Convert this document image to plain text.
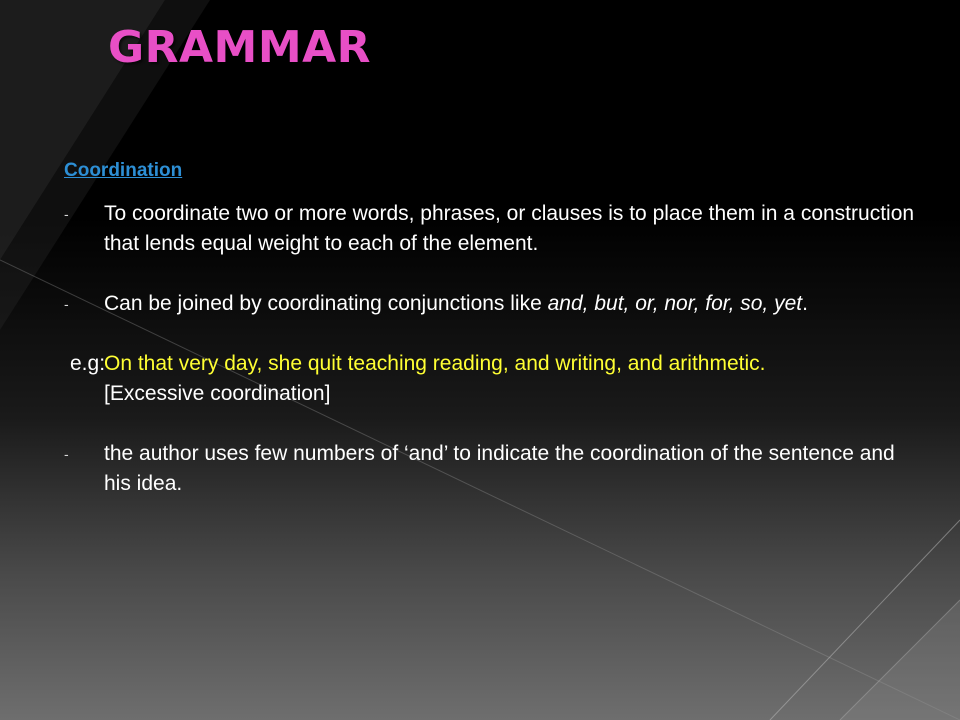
GRAMMAR
Coordination
- To coordinate two or more words, phrases, or clauses is to place them in a construction that lends equal weight to each of the element.
- Can be joined by coordinating conjunctions like and, but, or, nor, for, so, yet.
e.g:
On that very day, she quit teaching reading, and writing, and arithmetic.
[Excessive coordination]
- the author uses few numbers of ‘and’ to indicate the coordination of the sentence and his idea.
